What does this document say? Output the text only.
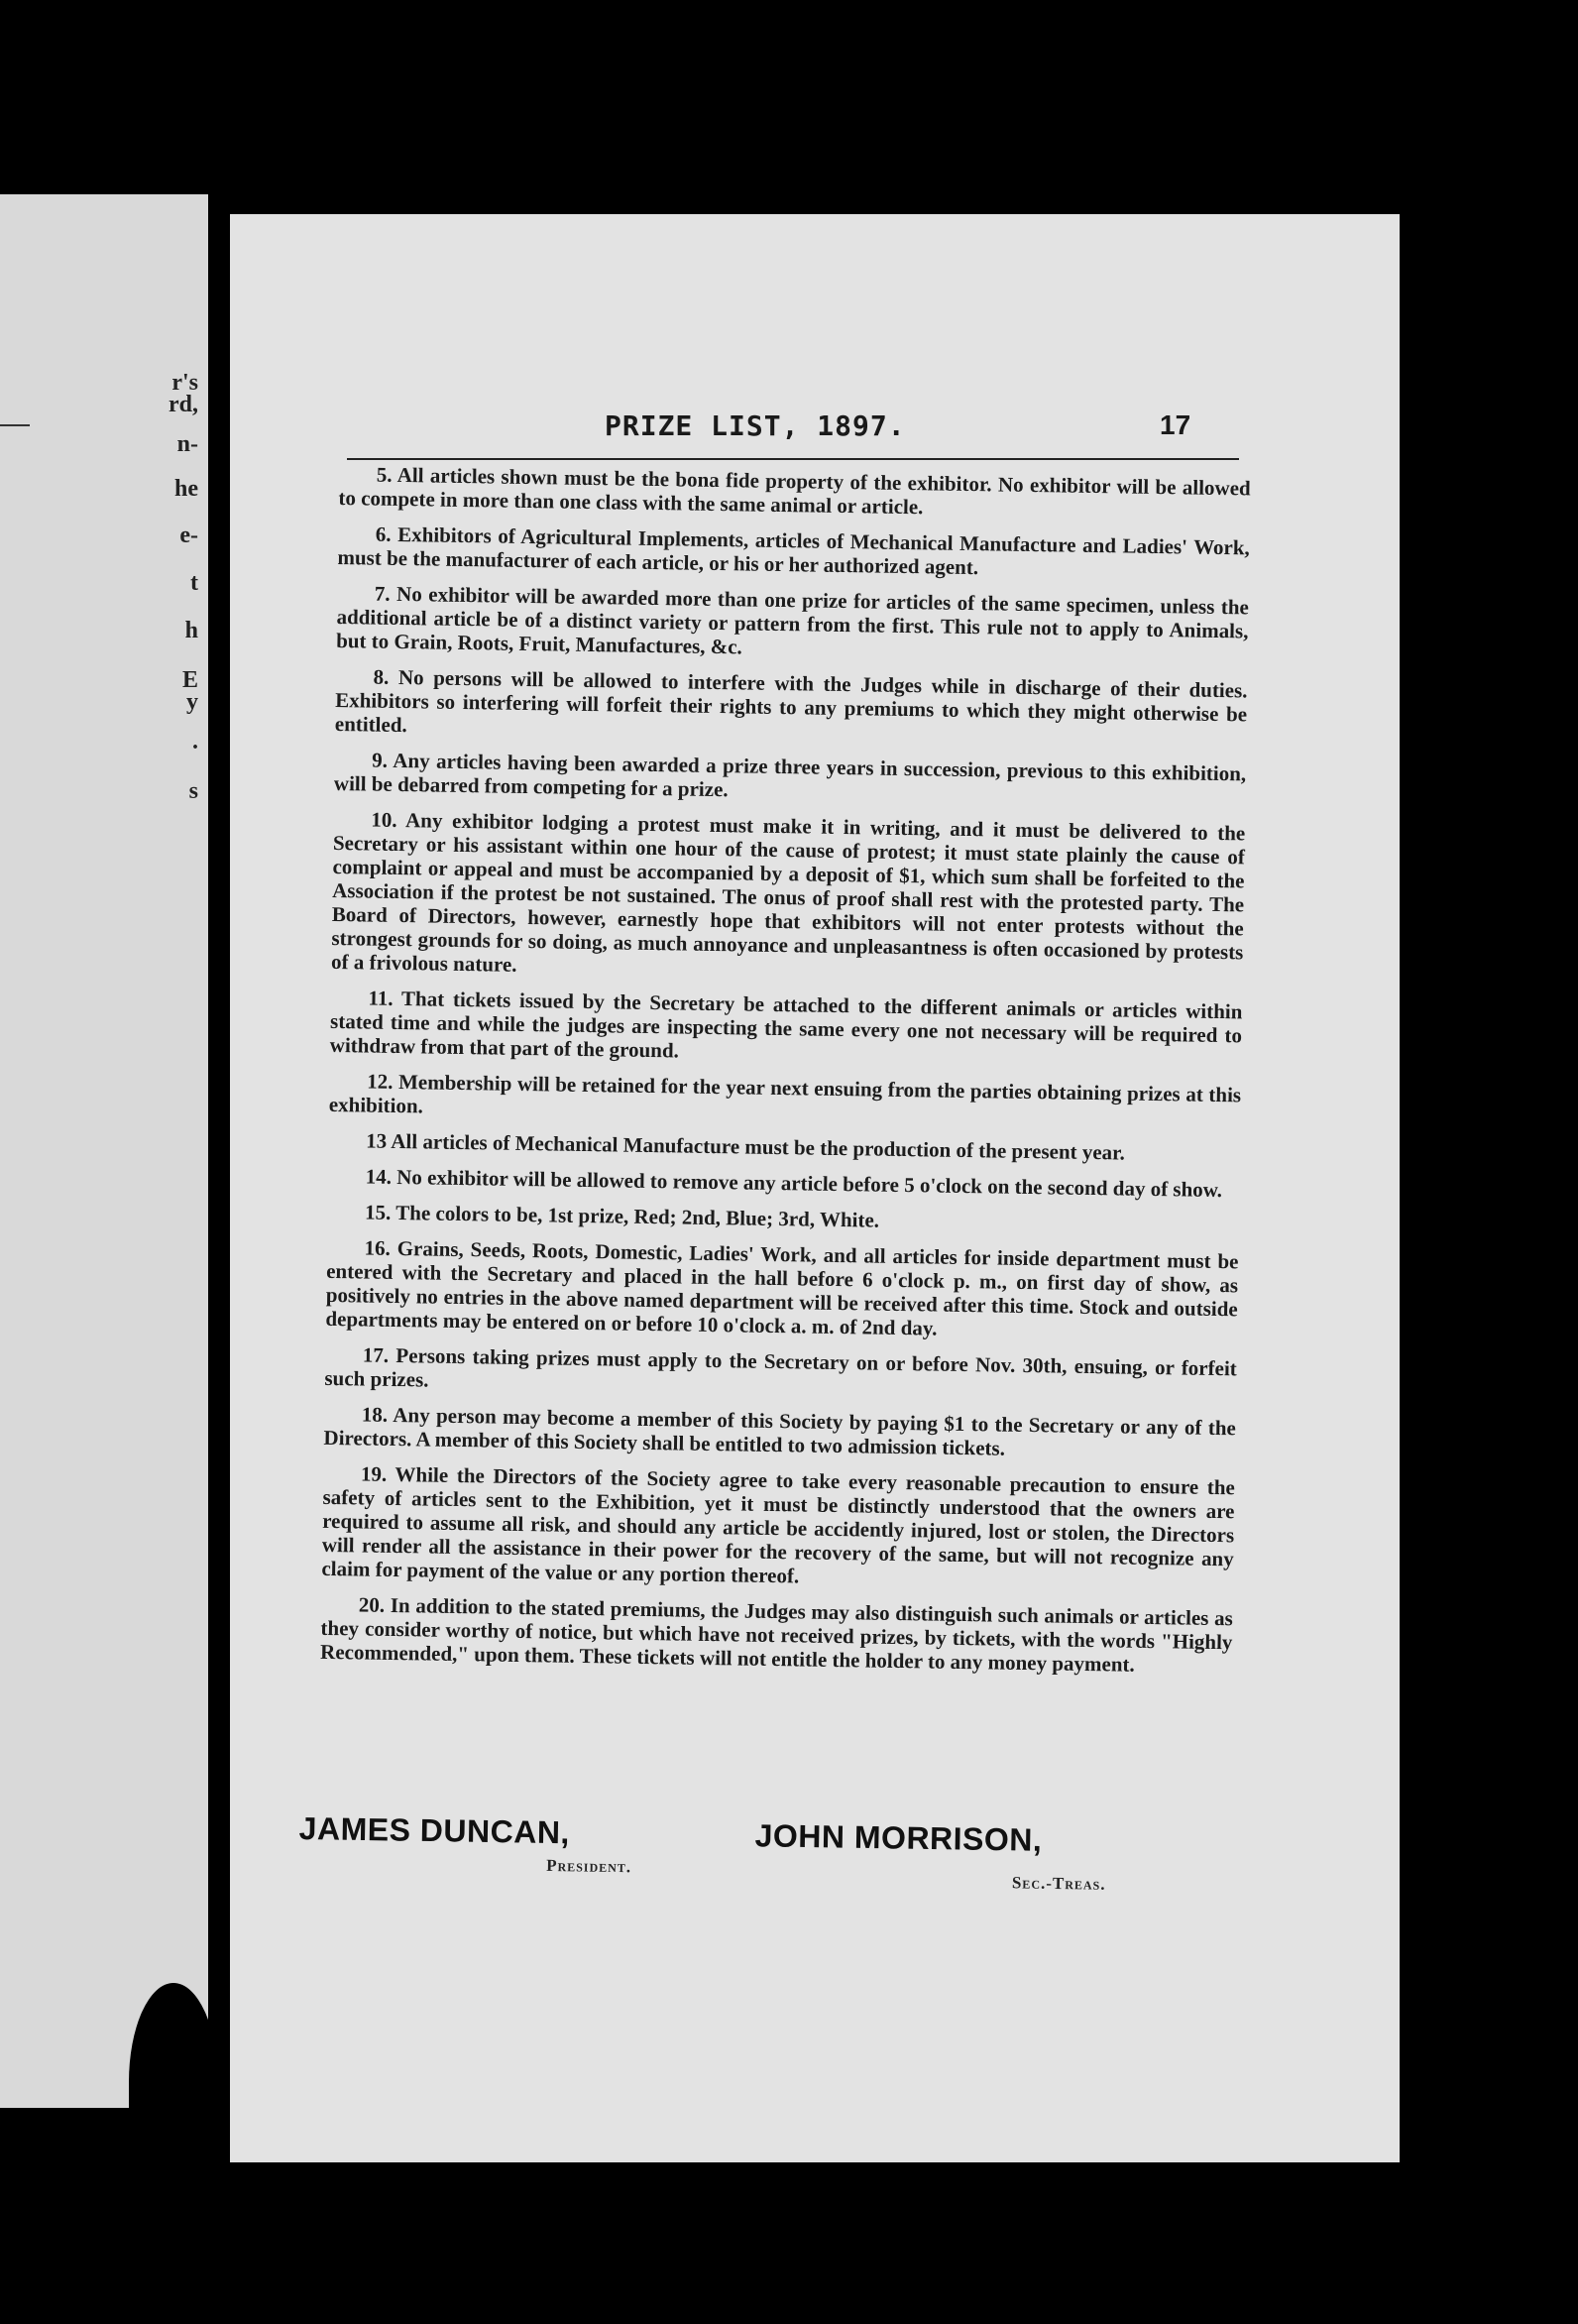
r's
rd,
n-
he
e-
t
h
E
y
.
s
PRIZE LIST, 1897.	17

5. All articles shown must be the bona fide property of the exhibitor. No exhibitor will be allowed to compete in more than one class with the same animal or article.

6. Exhibitors of Agricultural Implements, articles of Mechanical Manufacture and Ladies' Work, must be the manufacturer of each article, or his or her authorized agent.

7. No exhibitor will be awarded more than one prize for articles of the same specimen, unless the additional article be of a distinct variety or pattern from the first. This rule not to apply to Animals, but to Grain, Roots, Fruit, Manufactures, &c.

8. No persons will be allowed to interfere with the Judges while in discharge of their duties. Exhibitors so interfering will forfeit their rights to any premiums to which they might otherwise be entitled.

9. Any articles having been awarded a prize three years in succession, previous to this exhibition, will be debarred from competing for a prize.

10. Any exhibitor lodging a protest must make it in writing, and it must be delivered to the Secretary or his assistant within one hour of the cause of protest; it must state plainly the cause of complaint or appeal and must be accompanied by a deposit of $1, which sum shall be forfeited to the Association if the protest be not sustained. The onus of proof shall rest with the protested party. The Board of Directors, however, earnestly hope that exhibitors will not enter protests without the strongest grounds for so doing, as much annoyance and unpleasantness is often occasioned by protests of a frivolous nature.

11. That tickets issued by the Secretary be attached to the different animals or articles within stated time and while the judges are inspecting the same every one not necessary will be required to withdraw from that part of the ground.

12. Membership will be retained for the year next ensuing from the parties obtaining prizes at this exhibition.

13 All articles of Mechanical Manufacture must be the production of the present year.

14. No exhibitor will be allowed to remove any article before 5 o'clock on the second day of show.

15. The colors to be, 1st prize, Red; 2nd, Blue; 3rd, White.

16. Grains, Seeds, Roots, Domestic, Ladies' Work, and all articles for inside department must be entered with the Secretary and placed in the hall before 6 o'clock p. m., on first day of show, as positively no entries in the above named department will be received after this time. Stock and outside departments may be entered on or before 10 o'clock a. m. of 2nd day.

17. Persons taking prizes must apply to the Secretary on or before Nov. 30th, ensuing, or forfeit such prizes.

18. Any person may become a member of this Society by paying $1 to the Secretary or any of the Directors. A member of this Society shall be entitled to two admission tickets.

19. While the Directors of the Society agree to take every reasonable precaution to ensure the safety of articles sent to the Exhibition, yet it must be distinctly understood that the owners are required to assume all risk, and should any article be accidently injured, lost or stolen, the Directors will render all the assistance in their power for the recovery of the same, but will not recognize any claim for payment of the value or any portion thereof.

20. In addition to the stated premiums, the Judges may also distinguish such animals or articles as they consider worthy of notice, but which have not received prizes, by tickets, with the words "Highly Recommended," upon them. These tickets will not entitle the holder to any money payment.

JAMES DUNCAN,
President.
JOHN MORRISON,
Sec.-Treas.
